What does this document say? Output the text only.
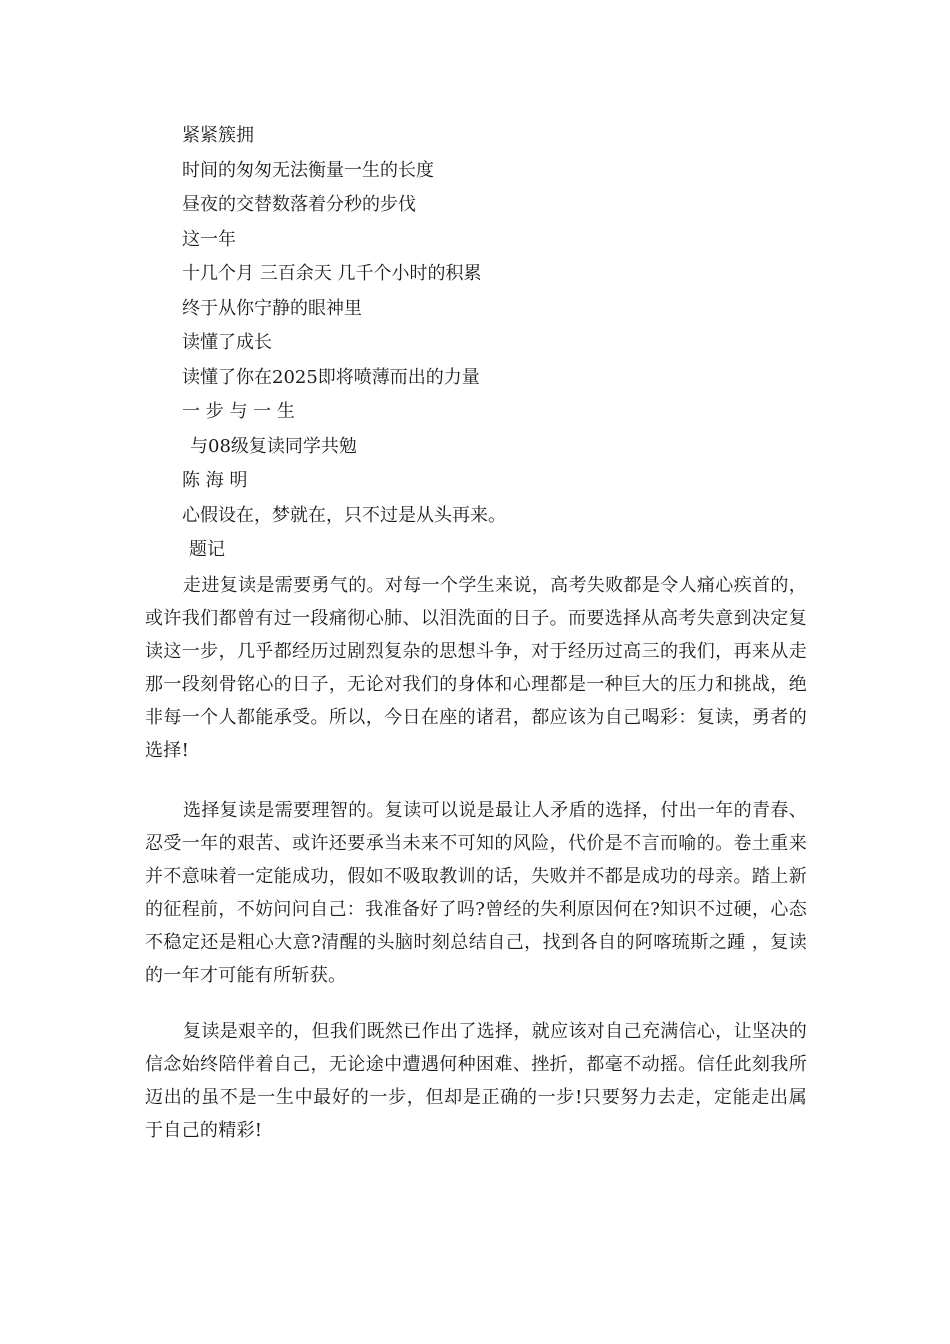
紧紧簇拥
时间的匆匆无法衡量一生的长度
昼夜的交替数落着分秒的步伐
这一年
十几个月 三百余天 几千个小时的积累
终于从你宁静的眼神里
读懂了成长
读懂了你在2025即将喷薄而出的力量
一 步 与 一 生
与08级复读同学共勉
陈 海 明
心假设在，梦就在，只不过是从头再来。
题记
走进复读是需要勇气的。对每一个学生来说，高考失败都是令人痛心疾首的，或许我们都曾有过一段痛彻心肺、以泪洗面的日子。而要选择从高考失意到决定复读这一步，几乎都经历过剧烈复杂的思想斗争，对于经历过高三的我们，再来从走那一段刻骨铭心的日子，无论对我们的身体和心理都是一种巨大的压力和挑战，绝非每一个人都能承受。所以，今日在座的诸君，都应该为自己喝彩：复读，勇者的选择!
选择复读是需要理智的。复读可以说是最让人矛盾的选择，付出一年的青春、忍受一年的艰苦、或许还要承当未来不可知的风险，代价是不言而喻的。卷土重来 并不意味着一定能成功，假如不吸取教训的话，失败并不都是成功的母亲。踏上新的征程前，不妨问问自己：我准备好了吗?曾经的失利原因何在?知识不过硬，心态不稳定还是粗心大意?清醒的头脑时刻总结自己，找到各自的阿喀琉斯之踵 ，复读的一年才可能有所斩获。
复读是艰辛的，但我们既然已作出了选择，就应该对自己充满信心，让坚决的信念始终陪伴着自己，无论途中遭遇何种困难、挫折，都毫不动摇。信任此刻我所迈出的虽不是一生中最好的一步，但却是正确的一步!只要努力去走，定能走出属于自己的精彩!
